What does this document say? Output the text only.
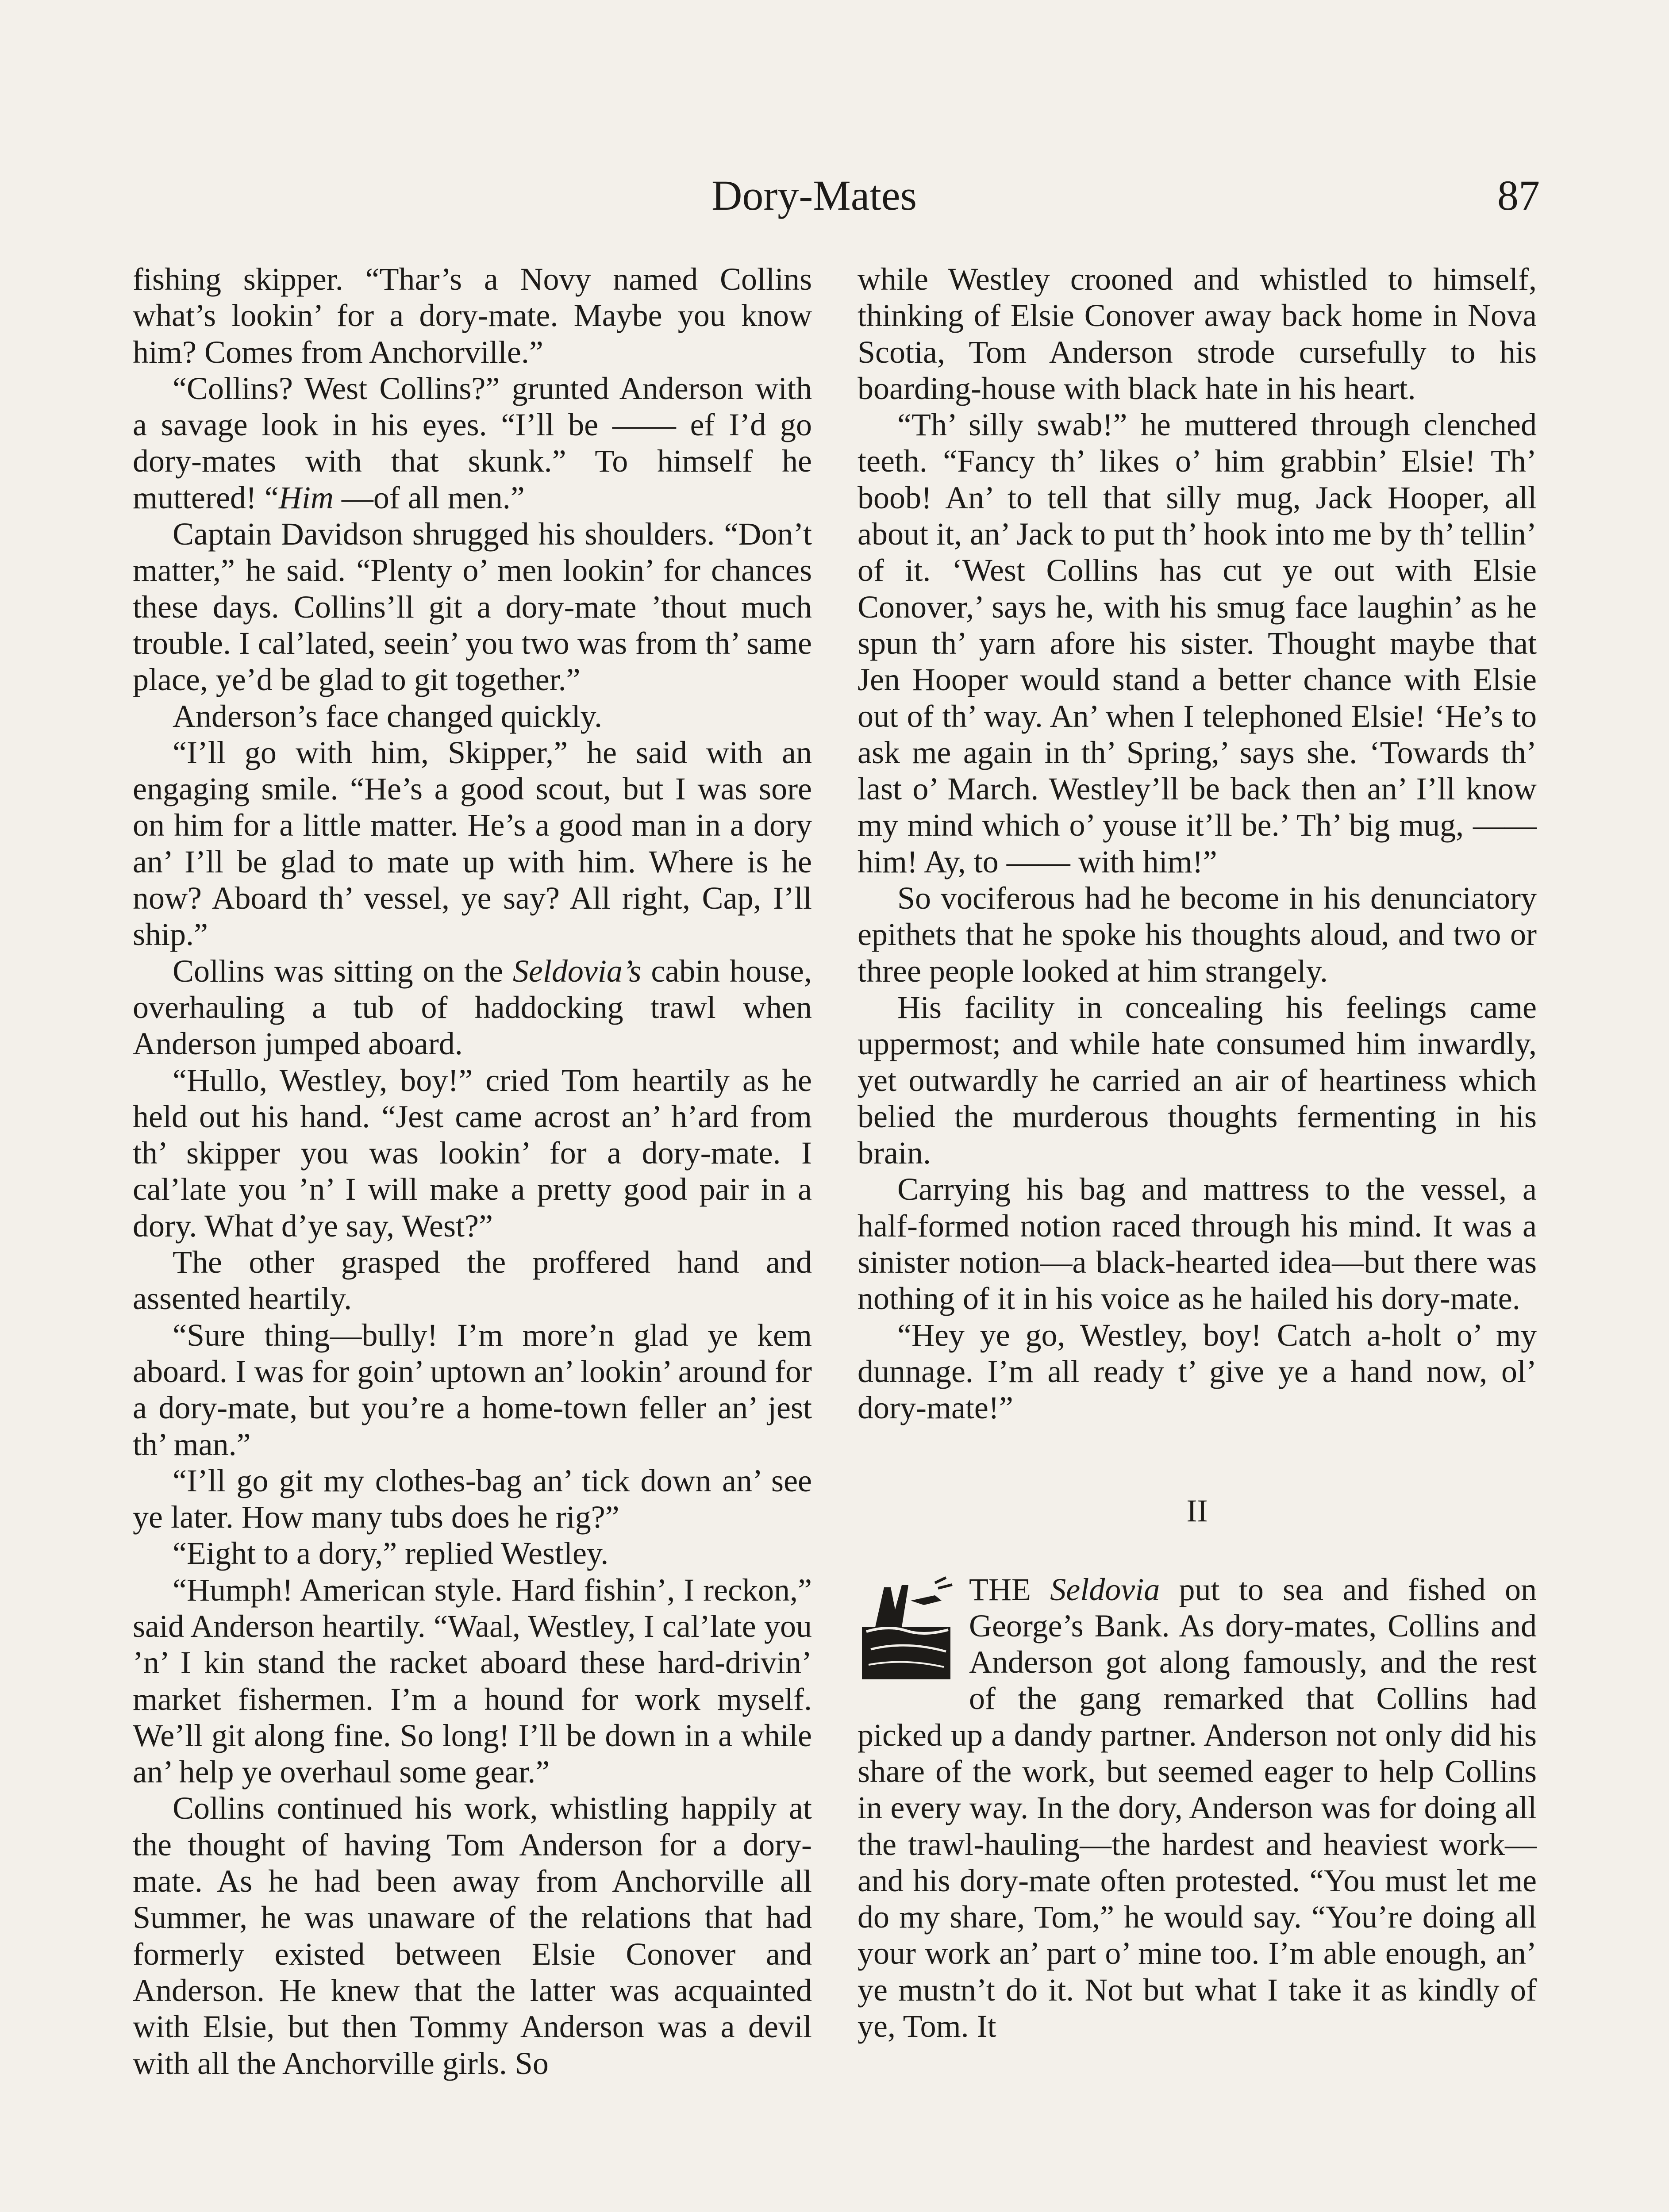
Dory-Mates	87

fishing skipper. “Thar’s a Novy named Collins what’s lookin’ for a dory-mate. Maybe you know him? Comes from Anchorville.”

“Collins? West Collins?” grunted Anderson with a savage look in his eyes. “I’ll be —— ef I’d go dory-mates with that skunk.” To himself he muttered! “Him —of all men.”

Captain Davidson shrugged his shoulders. “Don’t matter,” he said. “Plenty o’ men lookin’ for chances these days. Collins’ll git a dory-mate ’thout much trouble. I cal’lated, seein’ you two was from th’ same place, ye’d be glad to git together.”

Anderson’s face changed quickly.

“I’ll go with him, Skipper,” he said with an engaging smile. “He’s a good scout, but I was sore on him for a little matter. He’s a good man in a dory an’ I’ll be glad to mate up with him. Where is he now? Aboard th’ vessel, ye say? All right, Cap, I’ll ship.”

Collins was sitting on the Seldovia’s cabin house, overhauling a tub of haddocking trawl when Anderson jumped aboard.

“Hullo, Westley, boy!” cried Tom heartily as he held out his hand. “Jest came acrost an’ h’ard from th’ skipper you was lookin’ for a dory-mate. I cal’late you ’n’ I will make a pretty good pair in a dory. What d’ye say, West?”

The other grasped the proffered hand and assented heartily.

“Sure thing—bully! I’m more’n glad ye kem aboard. I was for goin’ uptown an’ lookin’ around for a dory-mate, but you’re a home-town feller an’ jest th’ man.”

“I’ll go git my clothes-bag an’ tick down an’ see ye later. How many tubs does he rig?”

“Eight to a dory,” replied Westley.

“Humph! American style. Hard fishin’, I reckon,” said Anderson heartily. “Waal, Westley, I cal’late you ’n’ I kin stand the racket aboard these hard-drivin’ market fishermen. I’m a hound for work myself. We’ll git along fine. So long! I’ll be down in a while an’ help ye overhaul some gear.”

Collins continued his work, whistling happily at the thought of having Tom Anderson for a dory-mate. As he had been away from Anchorville all Summer, he was unaware of the relations that had formerly existed between Elsie Conover and Anderson. He knew that the latter was acquainted with Elsie, but then Tommy Anderson was a devil with all the Anchorville girls. So

while Westley crooned and whistled to himself, thinking of Elsie Conover away back home in Nova Scotia, Tom Anderson strode cursefully to his boarding-house with black hate in his heart.

“Th’ silly swab!” he muttered through clenched teeth. “Fancy th’ likes o’ him grabbin’ Elsie! Th’ boob! An’ to tell that silly mug, Jack Hooper, all about it, an’ Jack to put th’ hook into me by th’ tellin’ of it. ‘West Collins has cut ye out with Elsie Conover,’ says he, with his smug face laughin’ as he spun th’ yarn afore his sister. Thought maybe that Jen Hooper would stand a better chance with Elsie out of th’ way. An’ when I telephoned Elsie! ‘He’s to ask me again in th’ Spring,’ says she. ‘Towards th’ last o’ March. Westley’ll be back then an’ I’ll know my mind which o’ youse it’ll be.’ Th’ big mug, —— him! Ay, to —— with him!”

So vociferous had he become in his denunciatory epithets that he spoke his thoughts aloud, and two or three people looked at him strangely.

His facility in concealing his feelings came uppermost; and while hate consumed him inwardly, yet outwardly he carried an air of heartiness which belied the murderous thoughts fermenting in his brain.

Carrying his bag and mattress to the vessel, a half-formed notion raced through his mind. It was a sinister notion—a black-hearted idea—but there was nothing of it in his voice as he hailed his dory-mate.

“Hey ye go, Westley, boy! Catch a-holt o’ my dunnage. I’m all ready t’ give ye a hand now, ol’ dory-mate!”

II

THE Seldovia put to sea and fished on George’s Bank. As dory-mates, Collins and Anderson got along famously, and the rest of the gang remarked that Collins had picked up a dandy partner. Anderson not only did his share of the work, but seemed eager to help Collins in every way. In the dory, Anderson was for doing all the trawl-hauling—the hardest and heaviest work—and his dory-mate often protested. “You must let me do my share, Tom,” he would say. “You’re doing all your work an’ part o’ mine too. I’m able enough, an’ ye mustn’t do it. Not but what I take it as kindly of ye, Tom. It
